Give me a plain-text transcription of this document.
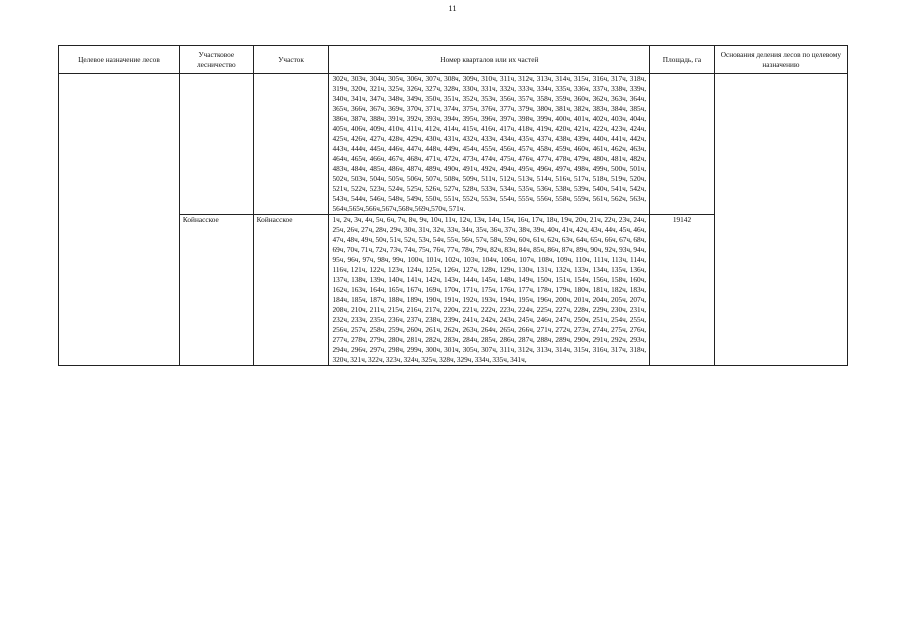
11
Целевое назначение лесов	Участковое лесничество	Участок	Номер кварталов или их частей	Площадь, га	Основания деления лесов по целевому назначению
			302ч, 303ч, 304ч, 305ч, 306ч, 307ч, 308ч, 309ч, 310ч, 311ч, 312ч, 313ч, 314ч, 315ч, 316ч, 317ч, 318ч, 319ч, 320ч, 321ч, 325ч, 326ч, 327ч, 328ч, 330ч, 331ч, 332ч, 333ч, 334ч, 335ч, 336ч, 337ч, 338ч, 339ч, 340ч, 341ч, 347ч, 348ч, 349ч, 350ч, 351ч, 352ч, 353ч, 356ч, 357ч, 358ч, 359ч, 360ч, 362ч, 363ч, 364ч, 365ч, 366ч, 367ч, 369ч, 370ч, 371ч, 374ч, 375ч, 376ч, 377ч, 379ч, 380ч, 381ч, 382ч, 383ч, 384ч, 385ч, 386ч, 387ч, 388ч, 391ч, 392ч, 393ч, 394ч, 395ч, 396ч, 397ч, 398ч, 399ч, 400ч, 401ч, 402ч, 403ч, 404ч, 405ч, 406ч, 409ч, 410ч, 411ч, 412ч, 414ч, 415ч, 416ч, 417ч, 418ч, 419ч, 420ч, 421ч, 422ч, 423ч, 424ч, 425ч, 426ч, 427ч, 428ч, 429ч, 430ч, 431ч, 432ч, 433ч, 434ч, 435ч, 437ч, 438ч, 439ч, 440ч, 441ч, 442ч, 443ч, 444ч, 445ч, 446ч, 447ч, 448ч, 449ч, 454ч, 455ч, 456ч, 457ч, 458ч, 459ч, 460ч, 461ч, 462ч, 463ч, 464ч, 465ч, 466ч, 467ч, 468ч, 471ч, 472ч, 473ч, 474ч, 475ч, 476ч, 477ч, 478ч, 479ч, 480ч, 481ч, 482ч, 483ч, 484ч, 485ч, 486ч, 487ч, 489ч, 490ч, 491ч, 492ч, 494ч, 495ч, 496ч, 497ч, 498ч, 499ч, 500ч, 501ч, 502ч, 503ч, 504ч, 505ч, 506ч, 507ч, 508ч, 509ч, 511ч, 512ч, 513ч, 514ч, 516ч, 517ч, 518ч, 519ч, 520ч, 521ч, 522ч, 523ч, 524ч, 525ч, 526ч, 527ч, 528ч, 533ч, 534ч, 535ч, 536ч, 538ч, 539ч, 540ч, 541ч, 542ч, 543ч, 544ч, 546ч, 548ч, 549ч, 550ч, 551ч, 552ч, 553ч, 554ч, 555ч, 556ч, 558ч, 559ч, 561ч, 562ч, 563ч, 564ч,565ч,566ч,567ч,568ч,569ч,570ч, 571ч.		
	Койнасское	Койнасское	1ч, 2ч, 3ч, 4ч, 5ч, 6ч, 7ч, 8ч, 9ч, 10ч, 11ч, 12ч, 13ч, 14ч, 15ч, 16ч, 17ч, 18ч, 19ч, 20ч, 21ч, 22ч, 23ч, 24ч, 25ч, 26ч, 27ч, 28ч, 29ч, 30ч, 31ч, 32ч, 33ч, 34ч, 35ч, 36ч, 37ч, 38ч, 39ч, 40ч, 41ч, 42ч, 43ч, 44ч, 45ч, 46ч, 47ч, 48ч, 49ч, 50ч, 51ч, 52ч, 53ч, 54ч, 55ч, 56ч, 57ч, 58ч, 59ч, 60ч, 61ч, 62ч, 63ч, 64ч, 65ч, 66ч, 67ч, 68ч, 69ч, 70ч, 71ч, 72ч, 73ч, 74ч, 75ч, 76ч, 77ч, 78ч, 79ч, 82ч, 83ч, 84ч, 85ч, 86ч, 87ч, 89ч, 90ч, 92ч, 93ч, 94ч, 95ч, 96ч, 97ч, 98ч, 99ч, 100ч, 101ч, 102ч, 103ч, 104ч, 106ч, 107ч, 108ч, 109ч, 110ч, 111ч, 113ч, 114ч, 116ч, 121ч, 122ч, 123ч, 124ч, 125ч, 126ч, 127ч, 128ч, 129ч, 130ч, 131ч, 132ч, 133ч, 134ч, 135ч, 136ч, 137ч, 138ч, 139ч, 140ч, 141ч, 142ч, 143ч, 144ч, 145ч, 148ч, 149ч, 150ч, 151ч, 154ч, 156ч, 158ч, 160ч, 162ч, 163ч, 164ч, 165ч, 167ч, 169ч, 170ч, 171ч, 175ч, 176ч, 177ч, 178ч, 179ч, 180ч, 181ч, 182ч, 183ч, 184ч, 185ч, 187ч, 188ч, 189ч, 190ч, 191ч, 192ч, 193ч, 194ч, 195ч, 196ч, 200ч, 201ч, 204ч, 205ч, 207ч, 208ч, 210ч, 211ч, 215ч, 216ч, 217ч, 220ч, 221ч, 222ч, 223ч, 224ч, 225ч, 227ч, 228ч, 229ч, 230ч, 231ч, 232ч, 233ч, 235ч, 236ч, 237ч, 238ч, 239ч, 241ч, 242ч, 243ч, 245ч, 246ч, 247ч, 250ч, 251ч, 254ч, 255ч, 256ч, 257ч, 258ч, 259ч, 260ч, 261ч, 262ч, 263ч, 264ч, 265ч, 266ч, 271ч, 272ч, 273ч, 274ч, 275ч, 276ч, 277ч, 278ч, 279ч, 280ч, 281ч, 282ч, 283ч, 284ч, 285ч, 286ч, 287ч, 288ч, 289ч, 290ч, 291ч, 292ч, 293ч, 294ч, 296ч, 297ч, 298ч, 299ч, 300ч, 301ч, 305ч, 307ч, 311ч, 312ч, 313ч, 314ч, 315ч, 316ч, 317ч, 318ч, 320ч, 321ч, 322ч, 323ч, 324ч, 325ч, 328ч, 329ч, 334ч, 335ч, 341ч,	19142	
